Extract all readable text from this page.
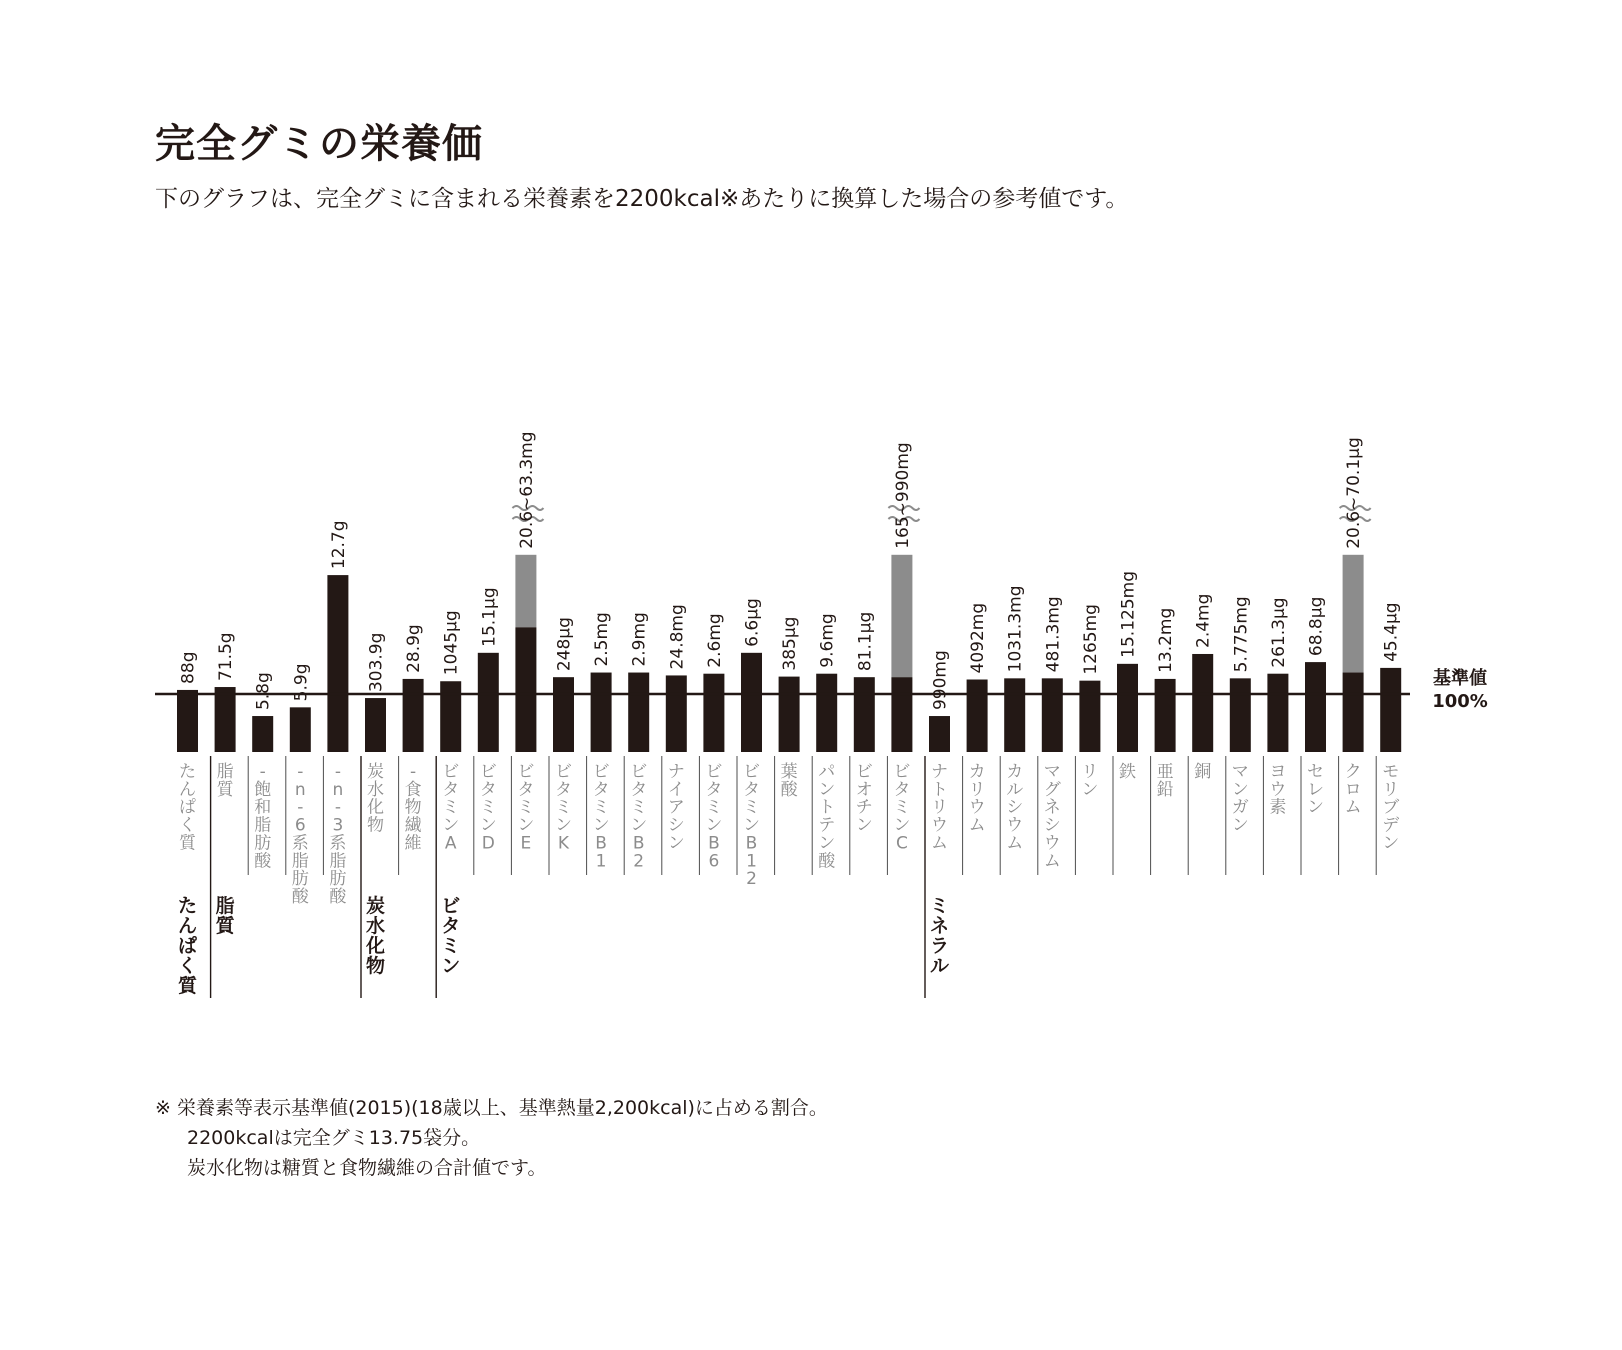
完全グミの栄養価

下のグラフは、完全グミに含まれる栄養素を2200kcal※あたりに換算した場合の参考値です。

88g
たんぱく質
71.5g
脂質
5.8g
-飽和脂肪酸
5.9g
-n -6 系脂肪酸
12.7g
-n -3 系脂肪酸
303.9g
炭水化物
28.9g
-食物繊維
1045μg
ビタミン A
15.1μg
ビタミン D
20.6~63.3mg
ビタミン E
248μg
ビタミン K
2.5mg
ビタミン B 1
2.9mg
ビタミン B 2
24.8mg
ナイアシン
2.6mg
ビタミン B 6
6.6μg
ビタミン B 1 2
385μg
葉酸
9.6mg
パントテン酸
81.1μg
ビオチン
165~990mg
ビタミン C
990mg
ナトリウム
4092mg
カリウム
1031.3mg
カルシウム
481.3mg
マグネシウム
1265mg
リン
15.125mg
鉄
13.2mg
亜鉛
2.4mg
銅
5.775mg
マンガン
261.3μg
ヨウ素
68.8μg
セレン
20.6~70.1μg
クロム
45.4μg
モリブデン
基準値
100%
たんぱく質
脂質
炭水化物
ビタミン
ミネラル
※ 栄養素等表示基準値(2015)(18歳以上、基準熱量2,200kcal)に占める割合。
2200kcalは完全グミ13.75袋分。
炭水化物は糖質と食物繊維の合計値です。
